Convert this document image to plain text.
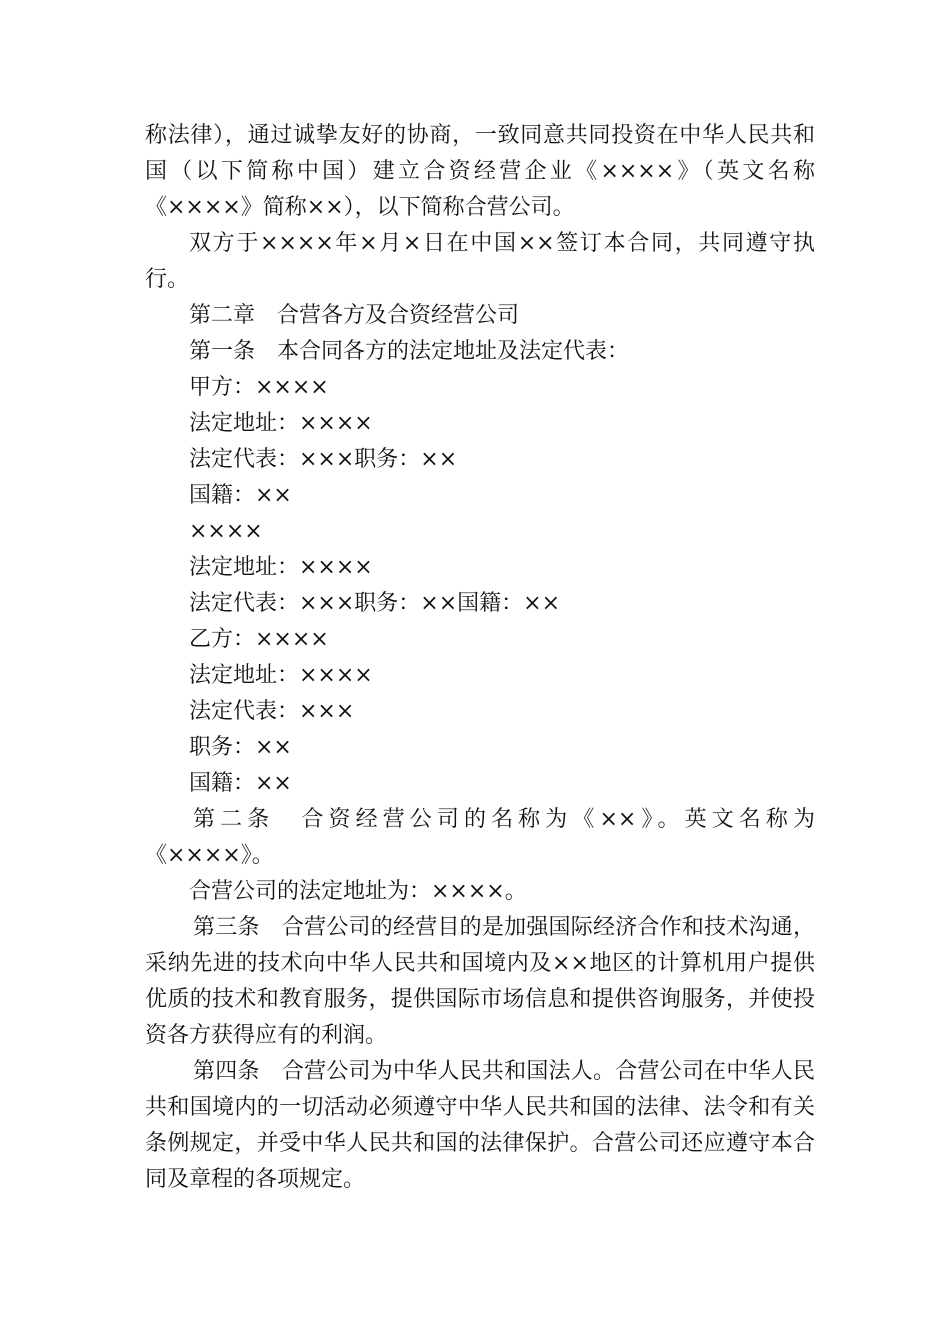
称法律），通过诚挚友好的协商，一致同意共同投资在中华人民共和国（以下简称中国）建立合资经营企业《××××》（英文名称《××××》简称××），以下简称合营公司。

双方于××××年×月×日在中国××签订本合同，共同遵守执行。

第二章　合营各方及合资经营公司

第一条　本合同各方的法定地址及法定代表：

甲方：××××

法定地址：××××

法定代表：×××职务：××

国籍：××

××××

法定地址：××××

法定代表：×××职务：××国籍：××

乙方：××××

法定地址：××××

法定代表：×××

职务：××

国籍：××

第二条　合资经营公司的名称为《××》。英文名称为《××××》。

合营公司的法定地址为：××××。

第三条　合营公司的经营目的是加强国际经济合作和技术沟通，采纳先进的技术向中华人民共和国境内及××地区的计算机用户提供优质的技术和教育服务，提供国际市场信息和提供咨询服务，并使投资各方获得应有的利润。

第四条　合营公司为中华人民共和国法人。合营公司在中华人民共和国境内的一切活动必须遵守中华人民共和国的法律、法令和有关条例规定，并受中华人民共和国的法律保护。合营公司还应遵守本合同及章程的各项规定。
